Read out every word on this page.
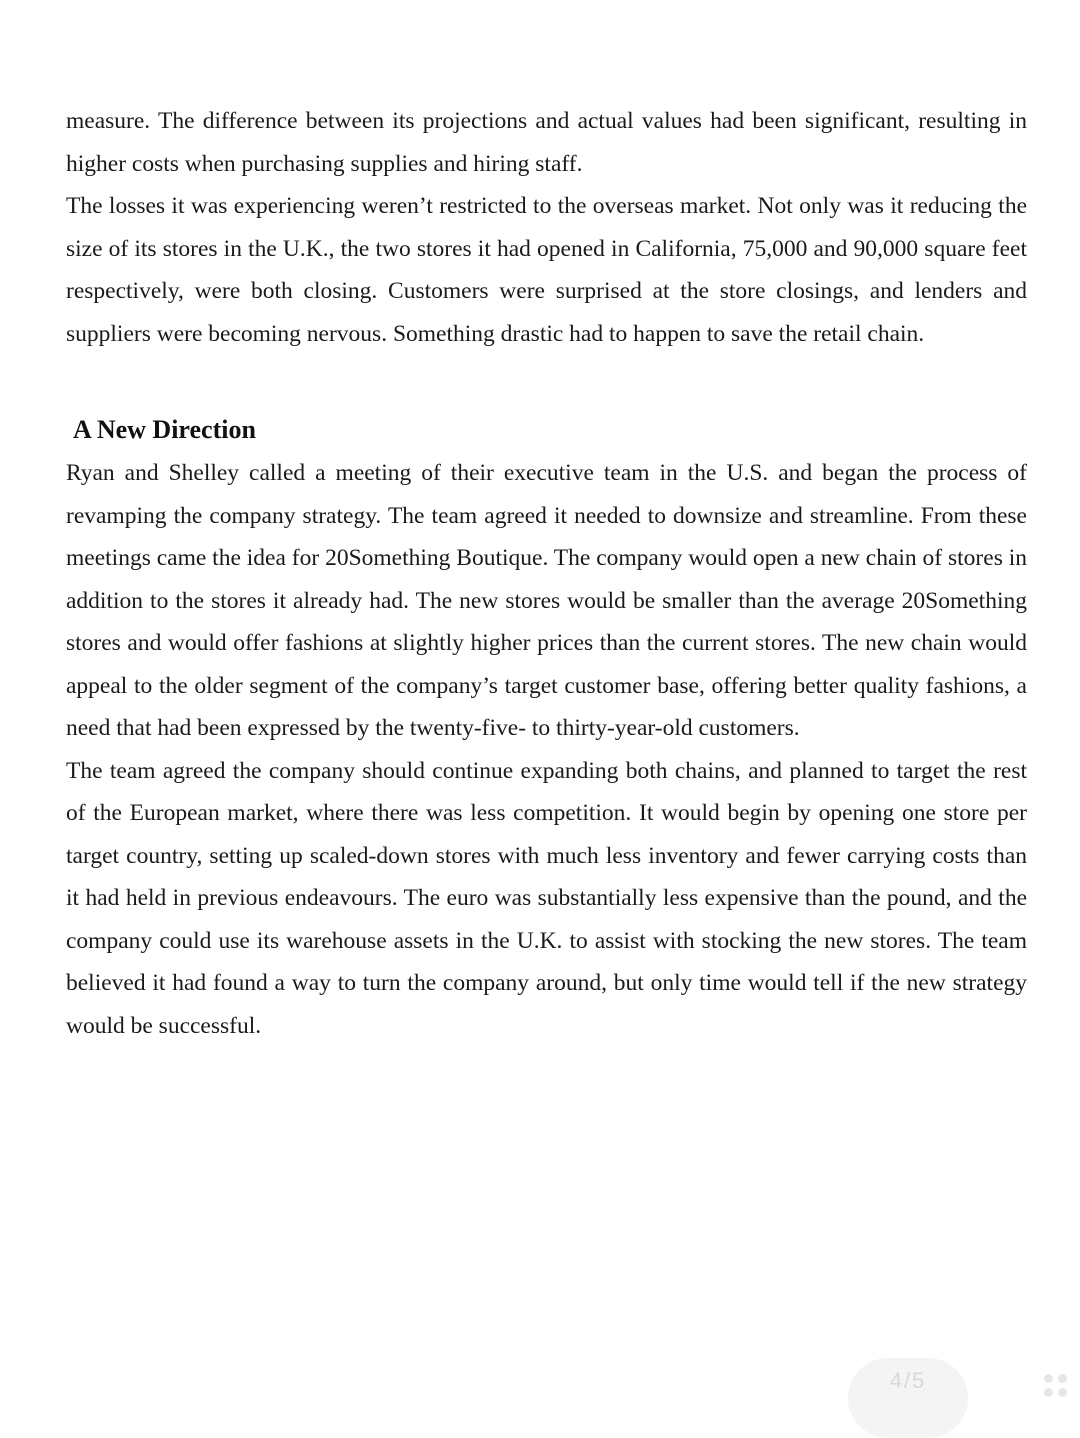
measure. The difference between its projections and actual values had been significant, resulting in higher costs when purchasing supplies and hiring staff.

The losses it was experiencing weren’t restricted to the overseas market. Not only was it reducing the size of its stores in the U.K., the two stores it had opened in California, 75,000 and 90,000 square feet respectively, were both closing. Customers were surprised at the store closings, and lenders and suppliers were becoming nervous. Something drastic had to happen to save the retail chain.

A New Direction

Ryan and Shelley called a meeting of their executive team in the U.S. and began the process of revamping the company strategy. The team agreed it needed to downsize and streamline. From these meetings came the idea for 20Something Boutique. The company would open a new chain of stores in addition to the stores it already had. The new stores would be smaller than the average 20Something stores and would offer fashions at slightly higher prices than the current stores. The new chain would appeal to the older segment of the company’s target customer base, offering better quality fashions, a need that had been expressed by the twenty-five- to thirty-year-old customers.

The team agreed the company should continue expanding both chains, and planned to target the rest of the European market, where there was less competition. It would begin by opening one store per target country, setting up scaled-down stores with much less inventory and fewer carrying costs than it had held in previous endeavours. The euro was substantially less expensive than the pound, and the company could use its warehouse assets in the U.K. to assist with stocking the new stores. The team believed it had found a way to turn the company around, but only time would tell if the new strategy would be successful.

4/5
